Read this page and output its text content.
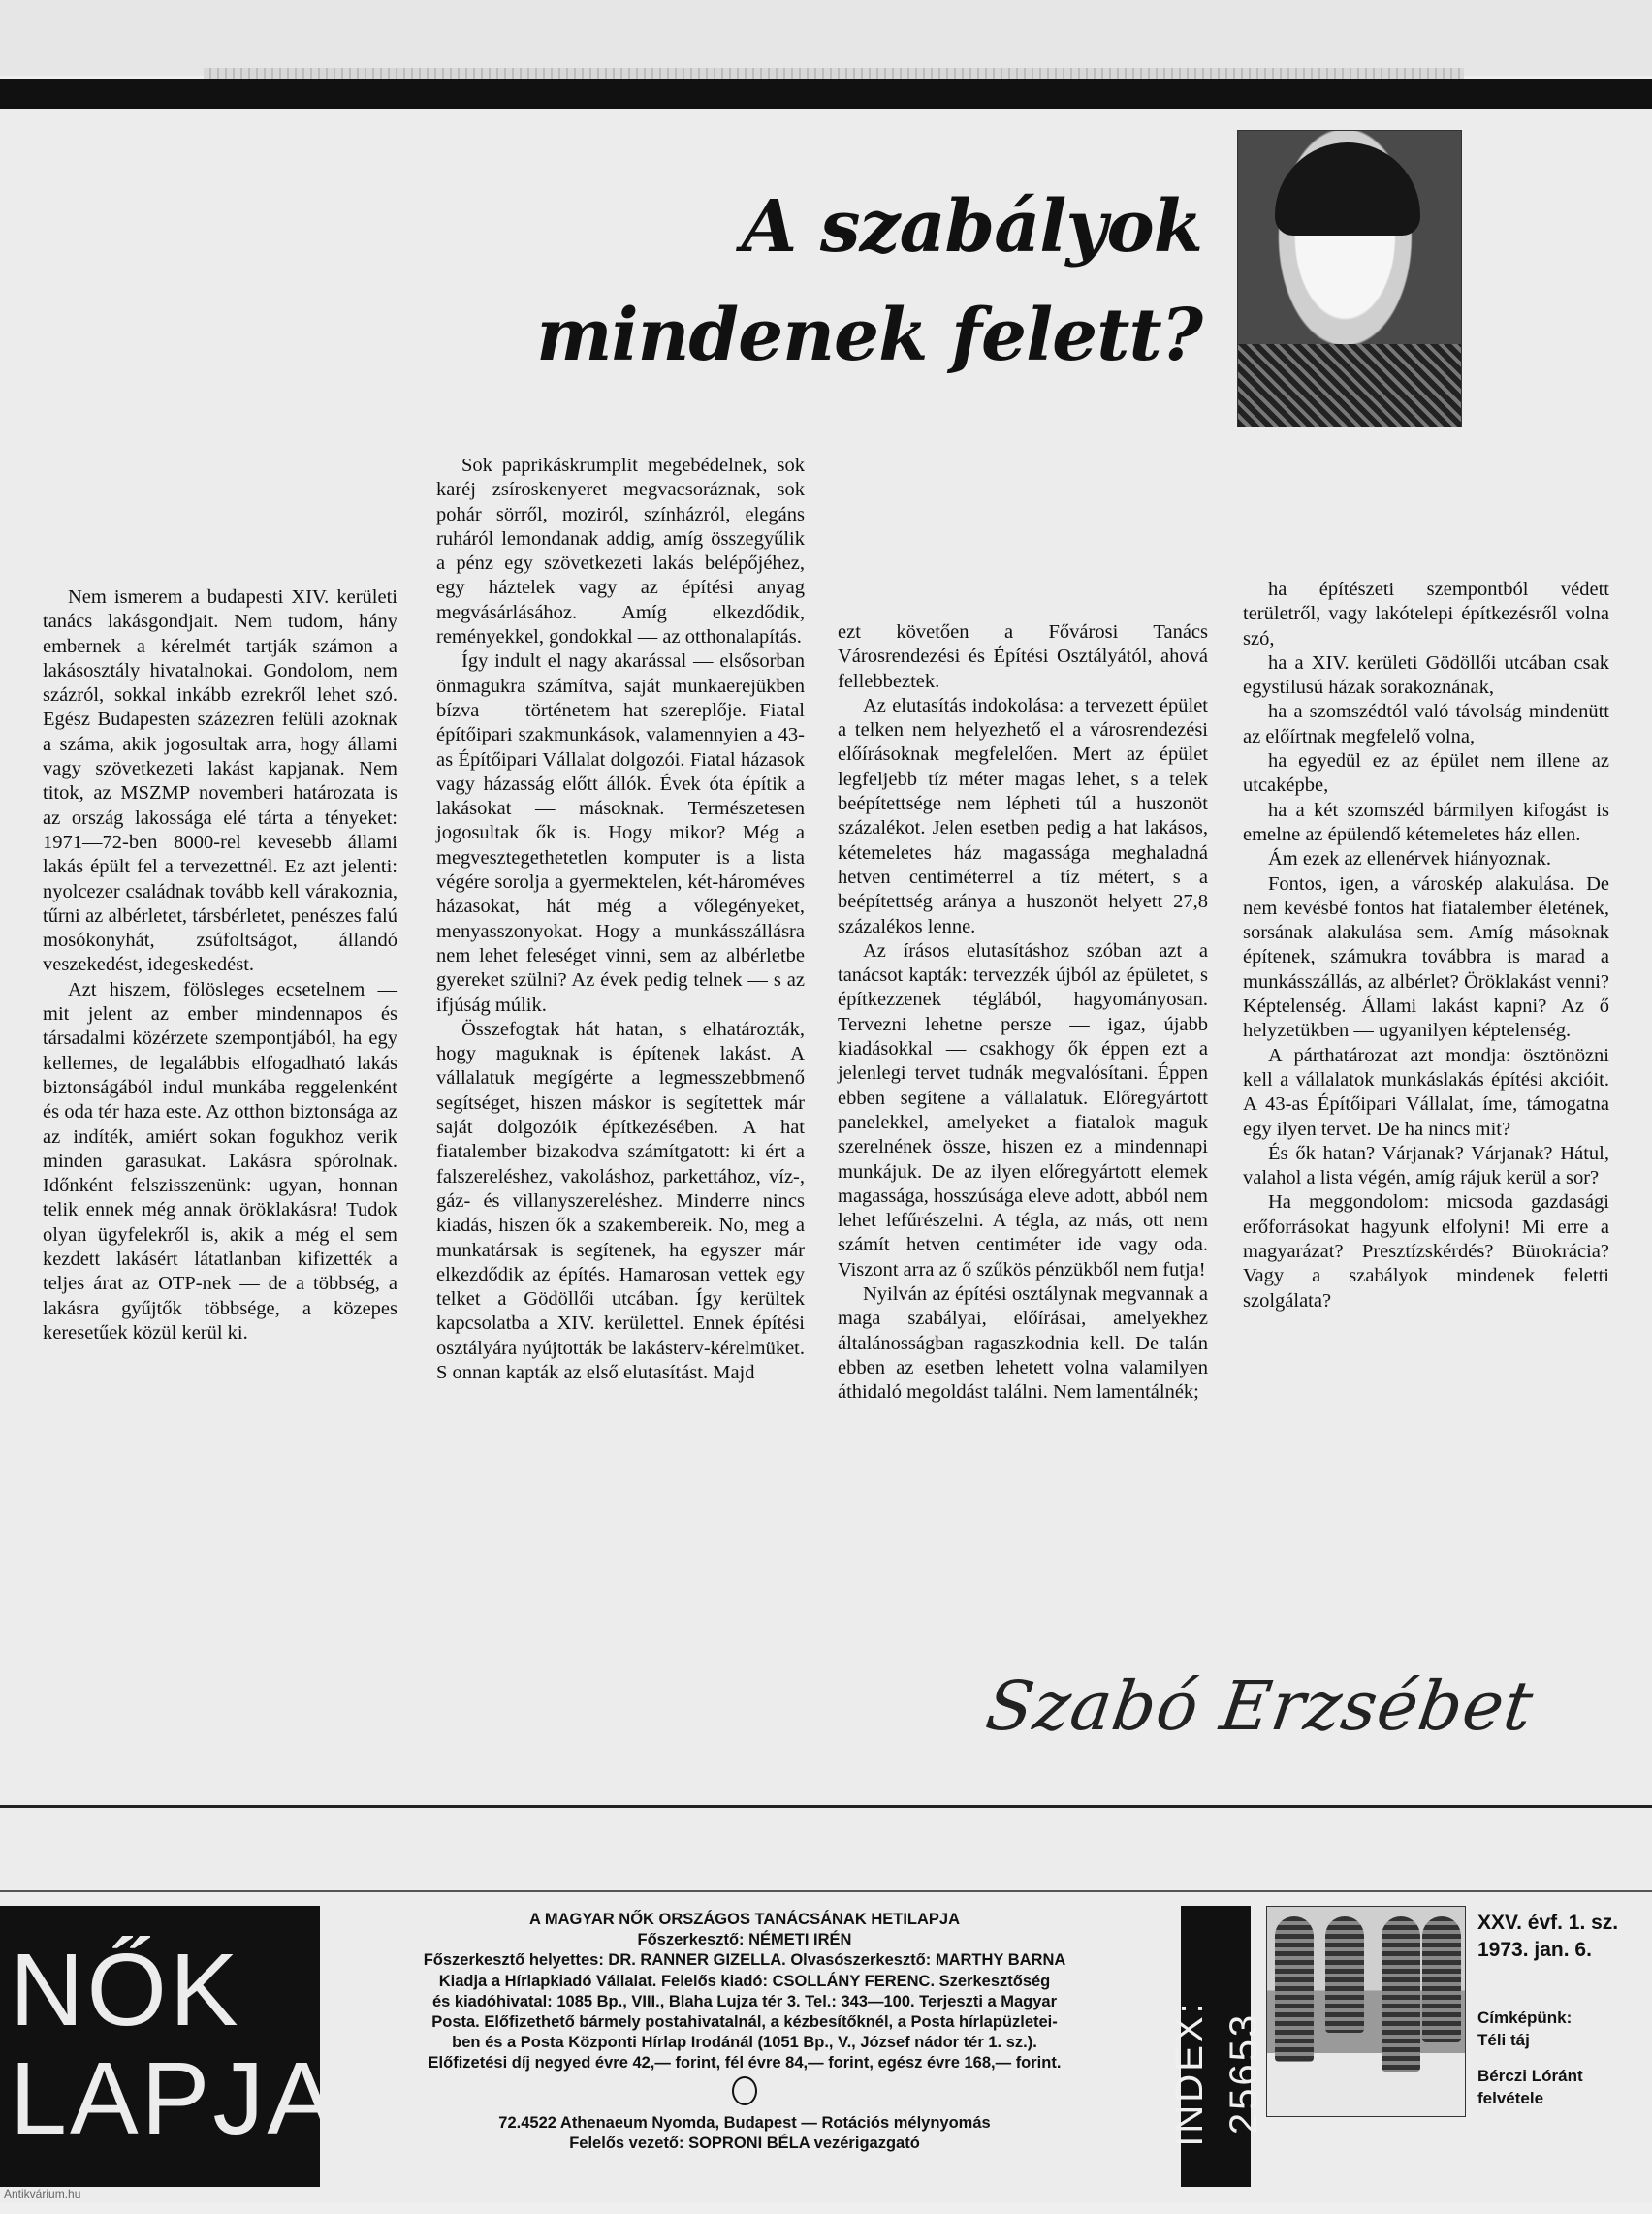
A szabályok
mindenek felett?

Nem ismerem a budapesti XIV. kerületi tanács lakásgondjait. Nem tudom, hány embernek a kérelmét tartják számon a lakásosztály hivatalnokai. Gondolom, nem százról, sokkal inkább ezrekről lehet szó. Egész Budapesten százezren felüli azoknak a száma, akik jogosultak arra, hogy állami vagy szövetkezeti lakást kapjanak. Nem titok, az MSZMP novemberi határozata is az ország lakossága elé tárta a tényeket: 1971—72-ben 8000-rel kevesebb állami lakás épült fel a tervezettnél. Ez azt jelenti: nyolcezer családnak tovább kell várakoznia, tűrni az albérletet, társbérletet, penészes falú mosókonyhát, zsúfoltságot, állandó veszekedést, idegeskedést.

Azt hiszem, fölösleges ecsetelnem — mit jelent az ember mindennapos és társadalmi közérzete szempontjából, ha egy kellemes, de legalábbis elfogadható lakás biztonságából indul munkába reggelenként és oda tér haza este. Az otthon biztonsága az az indíték, amiért sokan fogukhoz verik minden garasukat. Lakásra spórolnak. Időnként felszisszenünk: ugyan, honnan telik ennek még annak öröklakásra! Tudok olyan ügyfelekről is, akik a még el sem kezdett lakásért látatlanban kifizették a teljes árat az OTP-nek — de a többség, a lakásra gyűjtők többsége, a közepes keresetűek közül kerül ki.

Sok paprikáskrumplit megebédelnek, sok karéj zsíroskenyeret megvacsoráznak, sok pohár sörről, moziról, színházról, elegáns ruháról lemondanak addig, amíg összegyűlik a pénz egy szövetkezeti lakás belépőjéhez, egy háztelek vagy az építési anyag megvásárlásához. Amíg elkezdődik, reményekkel, gondokkal — az otthonalapítás.

Így indult el nagy akarással — elsősorban önmagukra számítva, saját munkaerejükben bízva — történetem hat szereplője. Fiatal építőipari szakmunkások, valamennyien a 43-as Építőipari Vállalat dolgozói. Fiatal házasok vagy házasság előtt állók. Évek óta építik a lakásokat — másoknak. Természetesen jogosultak ők is. Hogy mikor? Még a megvesztegethetetlen komputer is a lista végére sorolja a gyermektelen, két-hároméves házasokat, hát még a vőlegényeket, menyasszonyokat. Hogy a munkásszállásra nem lehet feleséget vinni, sem az albérletbe gyereket szülni? Az évek pedig telnek — s az ifjúság múlik.

Összefogtak hát hatan, s elhatározták, hogy maguknak is építenek lakást. A vállalatuk megígérte a legmesszebbmenő segítséget, hiszen máskor is segítettek már saját dolgozóik építkezésében. A hat fiatalember bizakodva számítgatott: ki ért a falszereléshez, vakoláshoz, parkettához, víz-, gáz- és villanyszereléshez. Minderre nincs kiadás, hiszen ők a szakembereik. No, meg a munkatársak is segítenek, ha egyszer már elkezdődik az építés. Hamarosan vettek egy telket a Gödöllői utcában. Így kerültek kapcsolatba a XIV. kerülettel. Ennek építési osztályára nyújtották be lakásterv-kérelmüket. S onnan kapták az első elutasítást. Majd

ezt követően a Fővárosi Tanács Városrendezési és Építési Osztályától, ahová fellebbeztek.

Az elutasítás indokolása: a tervezett épület a telken nem helyezhető el a városrendezési előírásoknak megfelelően. Mert az épület legfeljebb tíz méter magas lehet, s a telek beépítettsége nem lépheti túl a huszonöt százalékot. Jelen esetben pedig a hat lakásos, kétemeletes ház magassága meghaladná hetven centiméterrel a tíz métert, s a beépítettség aránya a huszonöt helyett 27,8 százalékos lenne.

Az írásos elutasításhoz szóban azt a tanácsot kapták: tervezzék újból az épületet, s építkezzenek téglából, hagyományosan. Tervezni lehetne persze — igaz, újabb kiadásokkal — csakhogy ők éppen ezt a jelenlegi tervet tudnák megvalósítani. Éppen ebben segítene a vállalatuk. Előregyártott panelekkel, amelyeket a fiatalok maguk szerelnének össze, hiszen ez a mindennapi munkájuk. De az ilyen előregyártott elemek magassága, hosszúsága eleve adott, abból nem lehet lefűrészelni. A tégla, az más, ott nem számít hetven centiméter ide vagy oda. Viszont arra az ő szűkös pénzükből nem futja!

Nyilván az építési osztálynak megvannak a maga szabályai, előírásai, amelyekhez általánosságban ragaszkodnia kell. De talán ebben az esetben lehetett volna valamilyen áthidaló megoldást találni. Nem lamentálnék;

ha építészeti szempontból védett területről, vagy lakótelepi építkezésről volna szó,

ha a XIV. kerületi Gödöllői utcában csak egystílusú házak sorakoznának,

ha a szomszédtól való távolság mindenütt az előírtnak megfelelő volna,

ha egyedül ez az épület nem illene az utcaképbe,

ha a két szomszéd bármilyen kifogást is emelne az épülendő kétemeletes ház ellen.

Ám ezek az ellenérvek hiányoznak.

Fontos, igen, a városkép alakulása. De nem kevésbé fontos hat fiatalember életének, sorsának alakulása sem. Amíg másoknak építenek, számukra továbbra is marad a munkásszállás, az albérlet? Öröklakást venni? Képtelenség. Állami lakást kapni? Az ő helyzetükben — ugyanilyen képtelenség.

A párthatározat azt mondja: ösztönözni kell a vállalatok munkáslakás építési akcióit. A 43-as Építőipari Vállalat, íme, támogatna egy ilyen tervet. De ha nincs mit?

És ők hatan? Várjanak? Várjanak? Hátul, valahol a lista végén, amíg rájuk kerül a sor?

Ha meggondolom: micsoda gazdasági erőforrásokat hagyunk elfolyni! Mi erre a magyarázat? Presztízskérdés? Bürokrácia? Vagy a szabályok mindenek feletti szolgálata?

Szabó Erzsébet
NŐK
LAPJA
A MAGYAR NŐK ORSZÁGOS TANÁCSÁNAK HETILAPJA
Főszerkesztő: NÉMETI IRÉN
Főszerkesztő helyettes: DR. RANNER GIZELLA. Olvasószerkesztő: MARTHY BARNA
Kiadja a Hírlapkiadó Vállalat. Felelős kiadó: CSOLLÁNY FERENC. Szerkesztőség
és kiadóhivatal: 1085 Bp., VIII., Blaha Lujza tér 3. Tel.: 343—100. Terjeszti a Magyar
Posta. Előfizethető bármely postahivatalnál, a kézbesítőknél, a Posta hírlapüzletei-
ben és a Posta Központi Hírlap Irodánál (1051 Bp., V., József nádor tér 1. sz.).
Előfizetési díj negyed évre 42,— forint, fél évre 84,— forint, egész évre 168,— forint.
72.4522 Athenaeum Nyomda, Budapest — Rotációs mélynyomás
Felelős vezető: SOPRONI BÉLA vezérigazgató	INDEX: 25653
XXV. évf. 1. sz.
1973. jan. 6.
Címképünk:
Téli táj
Bérczi Lóránt
felvétele
Antikvárium.hu
